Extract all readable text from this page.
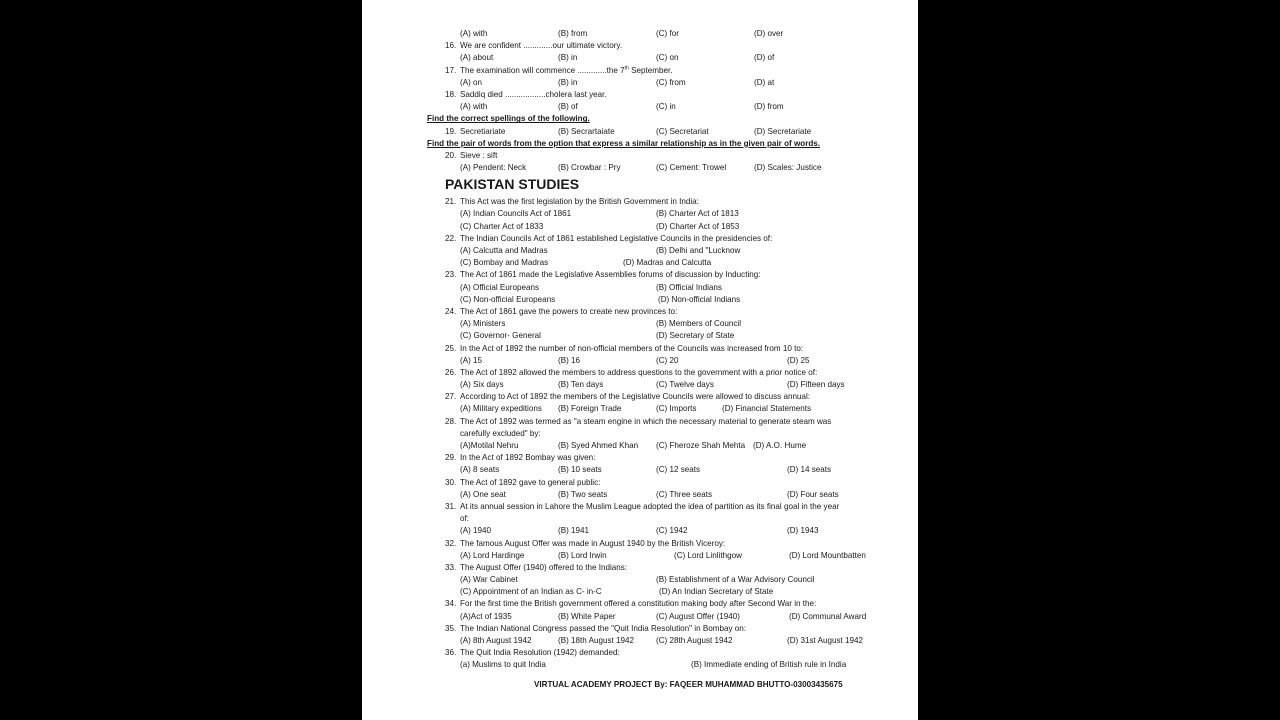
(A) with	(B) from	(C) for	(D) over
16. We are confident .............our ultimate victory.
(A) about	(B) in	(C) on	(D) of
17. The examination will commence .............the 7th September.
(A) on	(B) in	(C) from	(D) at
18. Saddiq died ..................cholera last year.
(A) with	(B) of	(C) in	(D) from
Find the correct spellings of the following.
19. Secretiariate	(B) Secrartaiate	(C) Secretariat	(D) Secretariate
Find the pair of words from the option that express a similar relationship as in the given pair of words.
20. Sieve : sift
(A) Pendent: Neck	(B) Crowbar : Pry	(C) Cement: Trowel	(D) Scales: Justice
PAKISTAN STUDIES
21. This Act was the first legislation by the British Government in India:
(A) Indian Councils Act of 1861	(B) Charter Act of 1813
(C) Charter Act of 1833	(D) Charter Act of 1853
22. The Indian Councils Act of 1861 established Legislative Councils in the presidencies of:
(A) Calcutta and Madras	(B) Delhi and "Lucknow
(C) Bombay and Madras	(D) Madras and Calcutta
23. The Act of 1861 made the Legislative Assemblies forums of discussion by Inducting:
(A) Official Europeans	(B) Official Indians
(C) Non-official Europeans	(D) Non-official Indians
24. The Act of 1861 gave the powers to create new provinces to:
(A) Ministers	(B) Members of Council
(C) Governor- General	(D) Secretary of State
25. In the Act of 1892 the number of non-official members of the Councils was increased from 10 to:
(A) 15	(B) 16	(C) 20	(D) 25
26. The Act of 1892 allowed the members to address questions to the government with a prior notice of:
(A) Six days	(B) Ten days	(C) Twelve days	(D) Fifteen days
27. According to Act of 1892 the members of the Legislative Councils were allowed to discuss annual:
(A) Military expeditions (B) Foreign Trade	(C) Imports	(D) Financial Statements
28. The Act of 1892 was termed as "a steam engine in which the necessary material to generate steam was
carefully excluded" by:
(A)Motilal Nehru	(B) Syed Ahmed Khan (C) Fheroze Shah Mehta (D) A.O. Hume
29. In the Act of 1892 Bombay was given:
(A) 8 seats	(B) 10 seats	(C) 12 seats	(D) 14 seats
30. The Act of 1892 gave to general public:
(A) One seat	(B) Two seats	(C) Three seats	(D) Four seats
31. At its annual session in Lahore the Muslim League adopted the idea of partition as its final goal in the year
of:
(A) 1940	(B) 1941	(C) 1942	(D) 1943
32. The famous August Offer was made in August 1940 by the British Viceroy:
(A) Lord Hardinge	(B) Lord Irwin	(C) Lord Linlithgow	(D) Lord Mountbatten
33. The August Offer (1940) offered to the Indians:
(A) War Cabinet	(B) Establishment of a War Advisory Council
(C) Appointment of an Indian as C- in-C	(D) An Indian Secretary of State
34. For the first time the British government offered a constitution making body after Second War in the:
(A)Act of 1935	(B) White Paper	(C) August Offer (1940)	(D) Communal Award
35. The Indian National Congress passed the "Quit India Resolution" in Bombay on:
(A) 8th August 1942	(B) 18th August 1942	(C) 28th August 1942	(D) 31st August 1942
36. The Quit India Resolution (1942) demanded:
(a) Muslims to quit India	(B) Immediate ending of British rule in India
VIRTUAL ACADEMY PROJECT By: FAQEER MUHAMMAD BHUTTO-03003435675
